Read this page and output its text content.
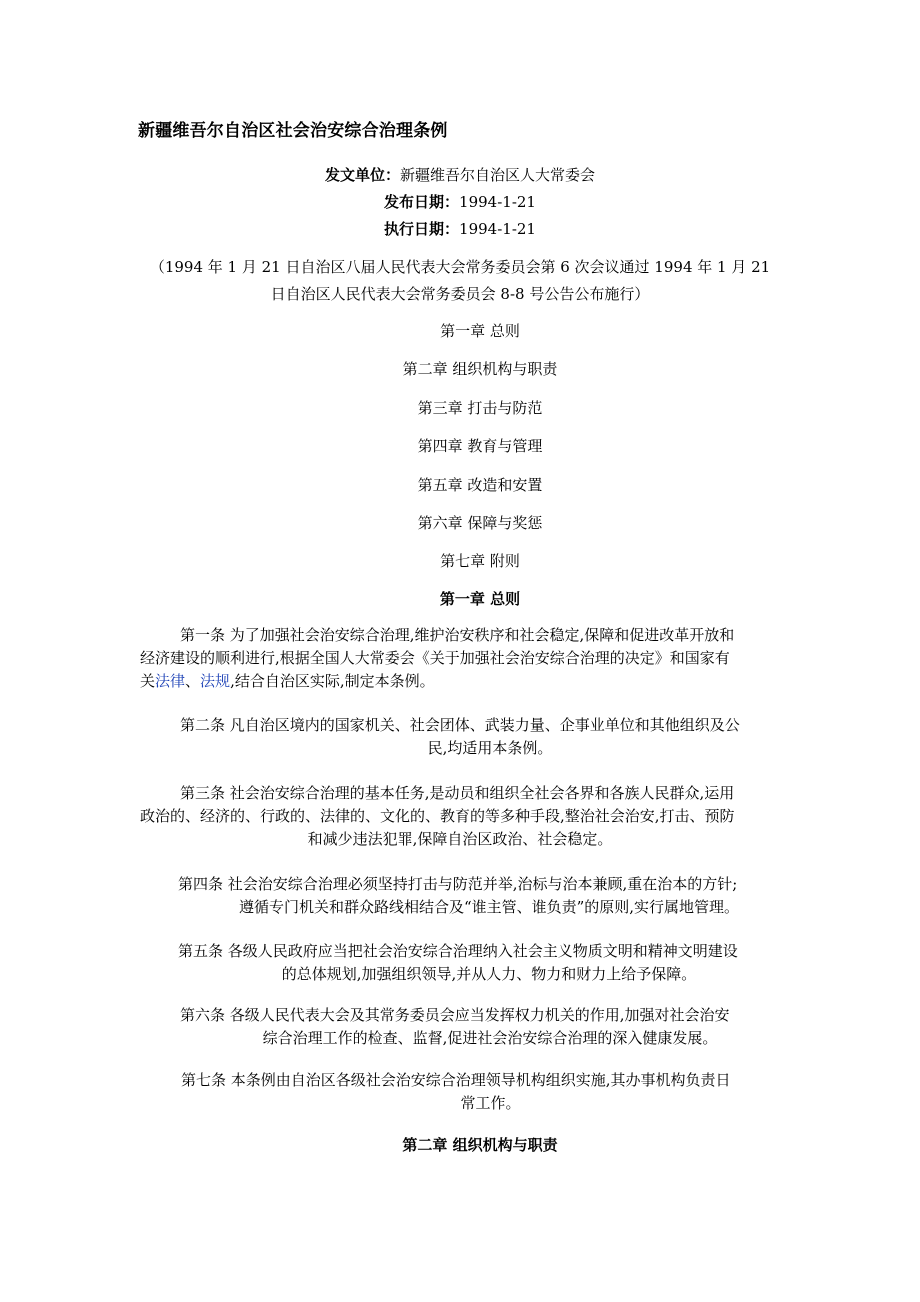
新疆维吾尔自治区社会治安综合治理条例
发文单位：新疆维吾尔自治区人大常委会
发布日期：1994-1-21
执行日期：1994-1-21
（1994 年 1 月 21 日自治区八届人民代表大会常务委员会第 6 次会议通过 1994 年 1 月 21
日自治区人民代表大会常务委员会 8-8 号公告公布施行）
第一章 总则
第二章 组织机构与职责
第三章 打击与防范
第四章 教育与管理
第五章 改造和安置
第六章 保障与奖惩
第七章 附则
第一章 总则

第一条 为了加强社会治安综合治理,维护治安秩序和社会稳定,保障和促进改革开放和

经济建设的顺利进行,根据全国人大常委会《关于加强社会治安综合治理的决定》和国家有

关法律、法规,结合自治区实际,制定本条例。

第二条 凡自治区境内的国家机关、社会团体、武装力量、企事业单位和其他组织及公

民,均适用本条例。

第三条 社会治安综合治理的基本任务,是动员和组织全社会各界和各族人民群众,运用

政治的、经济的、行政的、法律的、文化的、教育的等多种手段,整治社会治安,打击、预防

和减少违法犯罪,保障自治区政治、社会稳定。

第四条 社会治安综合治理必须坚持打击与防范并举,治标与治本兼顾,重在治本的方针;

遵循专门机关和群众路线相结合及“谁主管、谁负责”的原则,实行属地管理。

第五条 各级人民政府应当把社会治安综合治理纳入社会主义物质文明和精神文明建设

的总体规划,加强组织领导,并从人力、物力和财力上给予保障。

第六条 各级人民代表大会及其常务委员会应当发挥权力机关的作用,加强对社会治安

综合治理工作的检查、监督,促进社会治安综合治理的深入健康发展。

第七条 本条例由自治区各级社会治安综合治理领导机构组织实施,其办事机构负责日

常工作。

第二章 组织机构与职责
